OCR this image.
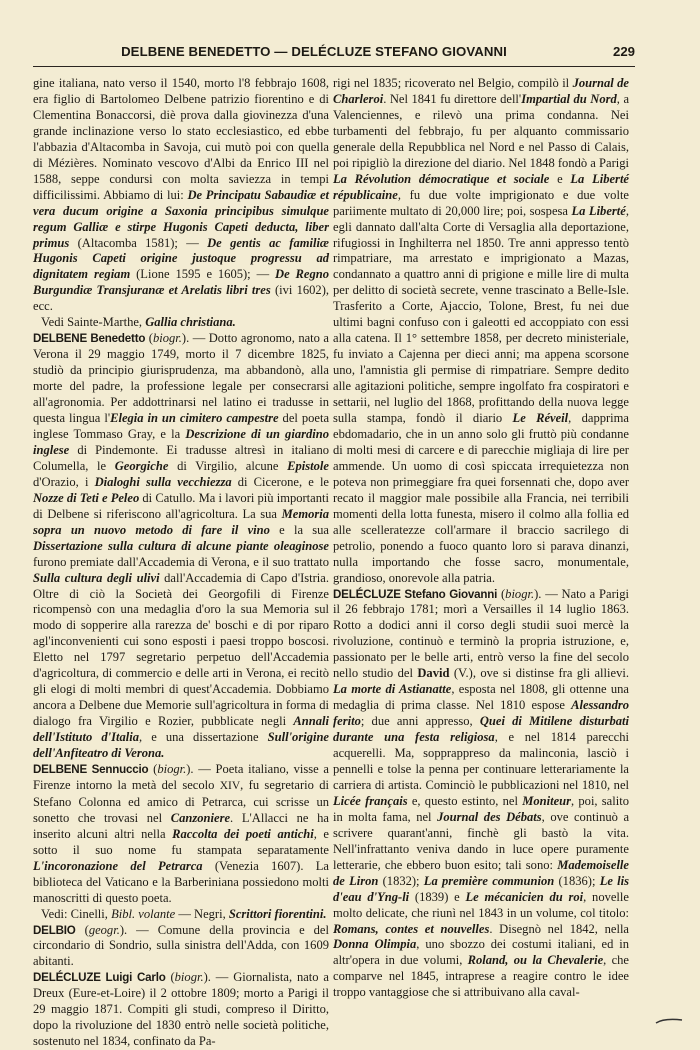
DELBENE BENEDETTO — DELÉCLUZE STEFANO GIOVANNI	229

gine italiana, nato verso il 1540, morto l'8 febbrajo 1608, era figlio di Bartolomeo Delbene patrizio fiorentino e di Clementina Bonaccorsi, diè prova dalla giovinezza d'una grande inclinazione verso lo stato ecclesiastico, ed ebbe l'abbazia d'Altacomba in Savoja, cui mutò poi con quella di Mézières. Nominato vescovo d'Albi da Enrico III nel 1588, seppe condursi con molta saviezza in tempi difficilissimi. Abbiamo di lui: De Principatu Sabaudiæ et vera ducum origine a Saxonia principibus simulque regum Galliæ e stirpe Hugonis Capeti deducta, liber primus (Altacomba 1581); — De gentis ac familiæ Hugonis Capeti origine justoque progressu ad dignitatem regiam (Lione 1595 e 1605); — De Regno Burgundiæ Transjuranæ et Arelatis libri tres (ivi 1602), ecc.

Vedi Sainte-Marthe, Gallia christiana.

DELBENE Benedetto (biogr.). — Dotto agronomo, nato a Verona il 29 maggio 1749, morto il 7 dicembre 1825, studiò da principio giurisprudenza, ma abbandonò, alla morte del padre, la professione legale per consecrarsi all'agronomia. Per addottrinarsi nel latino ei tradusse in questa lingua l'Elegia in un cimitero campestre del poeta inglese Tommaso Gray, e la Descrizione di un giardino inglese di Pindemonte. Ei tradusse altresì in italiano Columella, le Georgiche di Virgilio, alcune Epistole d'Orazio, i Dialoghi sulla vecchiezza di Cicerone, e le Nozze di Teti e Peleo di Catullo. Ma i lavori più importanti di Delbene si riferiscono all'agricoltura. La sua Memoria sopra un nuovo metodo di fare il vino e la sua Dissertazione sulla cultura di alcune piante oleaginose furono premiate dall'Accademia di Verona, e il suo trattato Sulla cultura degli ulivi dall'Accademia di Capo d'Istria. Oltre di ciò la Società dei Georgofili di Firenze ricompensò con una medaglia d'oro la sua Memoria sul modo di sopperire alla rarezza de' boschi e di por riparo agl'inconvenienti cui sono esposti i paesi troppo boscosi. Eletto nel 1797 segretario perpetuo dell'Accademia d'agricoltura, di commercio e delle arti in Verona, ei recitò gli elogi di molti membri di quest'Accademia. Dobbiamo ancora a Delbene due Memorie sull'agricoltura in forma di dialogo fra Virgilio e Rozier, pubblicate negli Annali dell'Istituto d'Italia, e una dissertazione Sull'origine dell'Anfiteatro di Verona.

DELBENE Sennuccio (biogr.). — Poeta italiano, visse a Firenze intorno la metà del secolo XIV, fu segretario di Stefano Colonna ed amico di Petrarca, cui scrisse un sonetto che trovasi nel Canzoniere. L'Allacci ne ha inserito alcuni altri nella Raccolta dei poeti antichi, e sotto il suo nome fu stampata separatamente L'incoronazione del Petrarca (Venezia 1607). La biblioteca del Vaticano e la Barberiniana possiedono molti manoscritti di questo poeta.

Vedi: Cinelli, Bibl. volante — Negri, Scrittori fiorentini.

DELBIO (geogr.). — Comune della provincia e del circondario di Sondrio, sulla sinistra dell'Adda, con 1609 abitanti.

DELÉCLUZE Luigi Carlo (biogr.). — Giornalista, nato a Dreux (Eure-et-Loire) il 2 ottobre 1809; morto a Parigi il 29 maggio 1871. Compiti gli studi, compreso il Diritto, dopo la rivoluzione del 1830 entrò nelle società politiche, sostenuto nel 1834, confinato da Pa-

rigi nel 1835; ricoverato nel Belgio, compilò il Journal de Charleroi. Nel 1841 fu direttore dell'Impartial du Nord, a Valenciennes, e rilevò una prima condanna. Nei turbamenti del febbrajo, fu per alquanto commissario generale della Repubblica nel Nord e nel Passo di Calais, poi ripigliò la direzione del diario. Nel 1848 fondò a Parigi La Révolution démocratique et sociale e La Liberté républicaine, fu due volte imprigionato e due volte pariimente multato di 20,000 lire; poi, sospesa La Liberté, egli dannato dall'alta Corte di Versaglia alla deportazione, rifugiossi in Inghilterra nel 1850. Tre anni appresso tentò rimpatriare, ma arrestato e imprigionato a Mazas, condannato a quattro anni di prigione e mille lire di multa per delitto di società secrete, venne trascinato a Belle-Isle. Trasferito a Corte, Ajaccio, Tolone, Brest, fu nei due ultimi bagni confuso con i galeotti ed accoppiato con essi alla catena. Il 1° settembre 1858, per decreto ministeriale, fu inviato a Cajenna per dieci anni; ma appena scorsone uno, l'amnistia gli permise di rimpatriare. Sempre dedito alle agitazioni politiche, sempre ingolfato fra cospiratori e settarii, nel luglio del 1868, profittando della nuova legge sulla stampa, fondò il diario Le Réveil, dapprima ebdomadario, che in un anno solo gli fruttò più condanne di molti mesi di carcere e di parecchie migliaja di lire per ammende. Un uomo di così spiccata irrequietezza non poteva non primeggiare fra quei forsennati che, dopo aver recato il maggior male possibile alla Francia, nei terribili momenti della lotta funesta, misero il colmo alla follia ed alle scelleratezze coll'armare il braccio sacrilego di petrolio, ponendo a fuoco quanto loro si parava dinanzi, nulla importando che fosse sacro, monumentale, grandioso, onorevole alla patria.

DELÉCLUZE Stefano Giovanni (biogr.). — Nato a Parigi il 26 febbrajo 1781; morì a Versailles il 14 luglio 1863. Rotto a dodici anni il corso degli studii suoi mercè la rivoluzione, continuò e terminò la propria istruzione, e, passionato per le belle arti, entrò verso la fine del secolo nello studio del David (V.), ove si distinse fra gli allievi. La morte di Astianatte, esposta nel 1808, gli ottenne una medaglia di prima classe. Nel 1810 espose Alessandro ferito; due anni appresso, Quei di Mitilene disturbati durante una festa religiosa, e nel 1814 parecchi acquerelli. Ma, sopprappreso da malinconia, lasciò i pennelli e tolse la penna per continuare letterariamente la carriera di artista. Cominciò le pubblicazioni nel 1810, nel Licée français e, questo estinto, nel Moniteur, poi, salito in molta fama, nel Journal des Débats, ove continuò a scrivere quarant'anni, finchè gli bastò la vita. Nell'infrattanto veniva dando in luce opere puramente letterarie, che ebbero buon esito; tali sono: Mademoiselle de Liron (1832); La première communion (1836); Le lis d'eau d'Yng-li (1839) e Le mécanicien du roi, novelle molto delicate, che riunì nel 1843 in un volume, col titolo: Romans, contes et nouvelles. Disegnò nel 1842, nella Donna Olimpia, uno sbozzo dei costumi italiani, ed in altr'opera in due volumi, Roland, ou la Chevalerie, che comparve nel 1845, intraprese a reagire contro le idee troppo vantaggiose che si attribuivano alla caval-
